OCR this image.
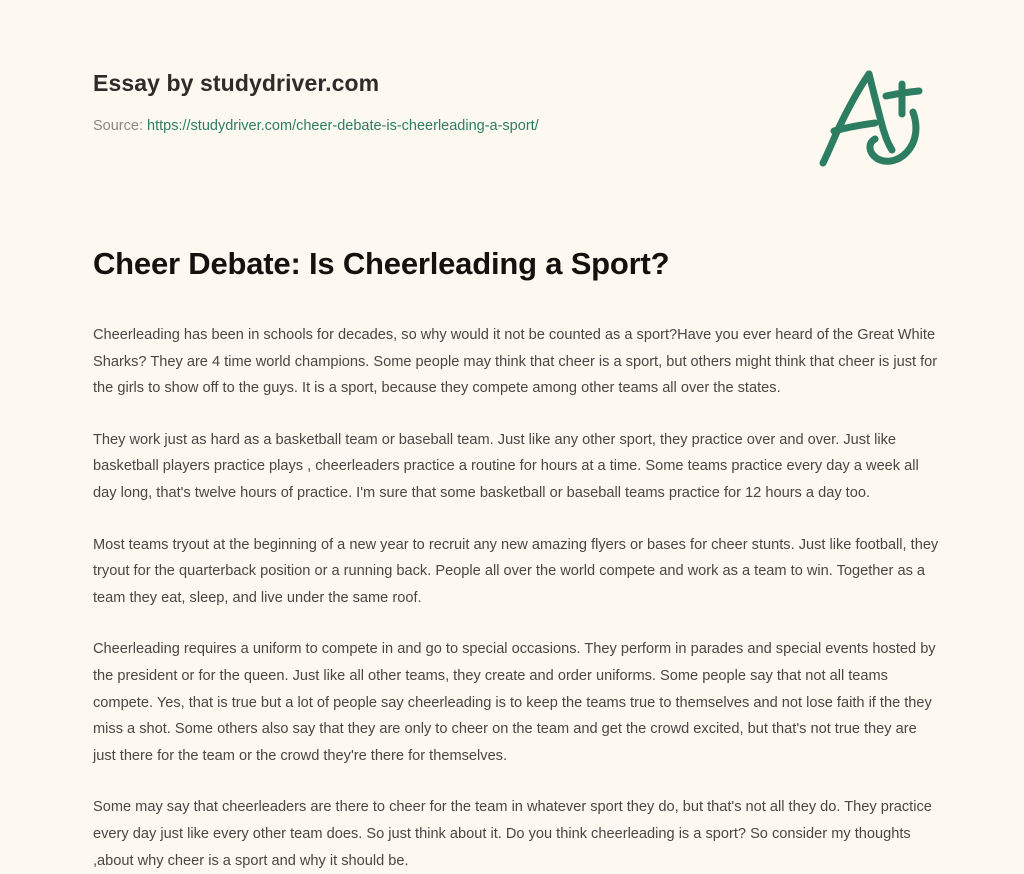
Essay by studydriver.com
Source: https://studydriver.com/cheer-debate-is-cheerleading-a-sport/
Cheer Debate: Is Cheerleading a Sport?

Cheerleading has been in schools for decades, so why would it not be counted as a sport?Have you ever heard of the Great White Sharks? They are 4 time world champions. Some people may think that cheer is a sport, but others might think that cheer is just for the girls to show off to the guys. It is a sport, because they compete among other teams all over the states.

They work just as hard as a basketball team or baseball team. Just like any other sport, they practice over and over. Just like basketball players practice plays , cheerleaders practice a routine for hours at a time. Some teams practice every day a week all day long, that's twelve hours of practice. I'm sure that some basketball or baseball teams practice for 12 hours a day too.

Most teams tryout at the beginning of a new year to recruit any new amazing flyers or bases for cheer stunts. Just like football, they tryout for the quarterback position or a running back. People all over the world compete and work as a team to win. Together as a team they eat, sleep, and live under the same roof.

Cheerleading requires a uniform to compete in and go to special occasions. They perform in parades and special events hosted by the president or for the queen. Just like all other teams, they create and order uniforms. Some people say that not all teams compete. Yes, that is true but a lot of people say cheerleading is to keep the teams true to themselves and not lose faith if the they miss a shot. Some others also say that they are only to cheer on the team and get the crowd excited, but that's not true they are just there for the team or the crowd they're there for themselves.

Some may say that cheerleaders are there to cheer for the team in whatever sport they do, but that's not all they do. They practice every day just like every other team does. So just think about it. Do you think cheerleading is a sport? So consider my thoughts ,about why cheer is a sport and why it should be.
